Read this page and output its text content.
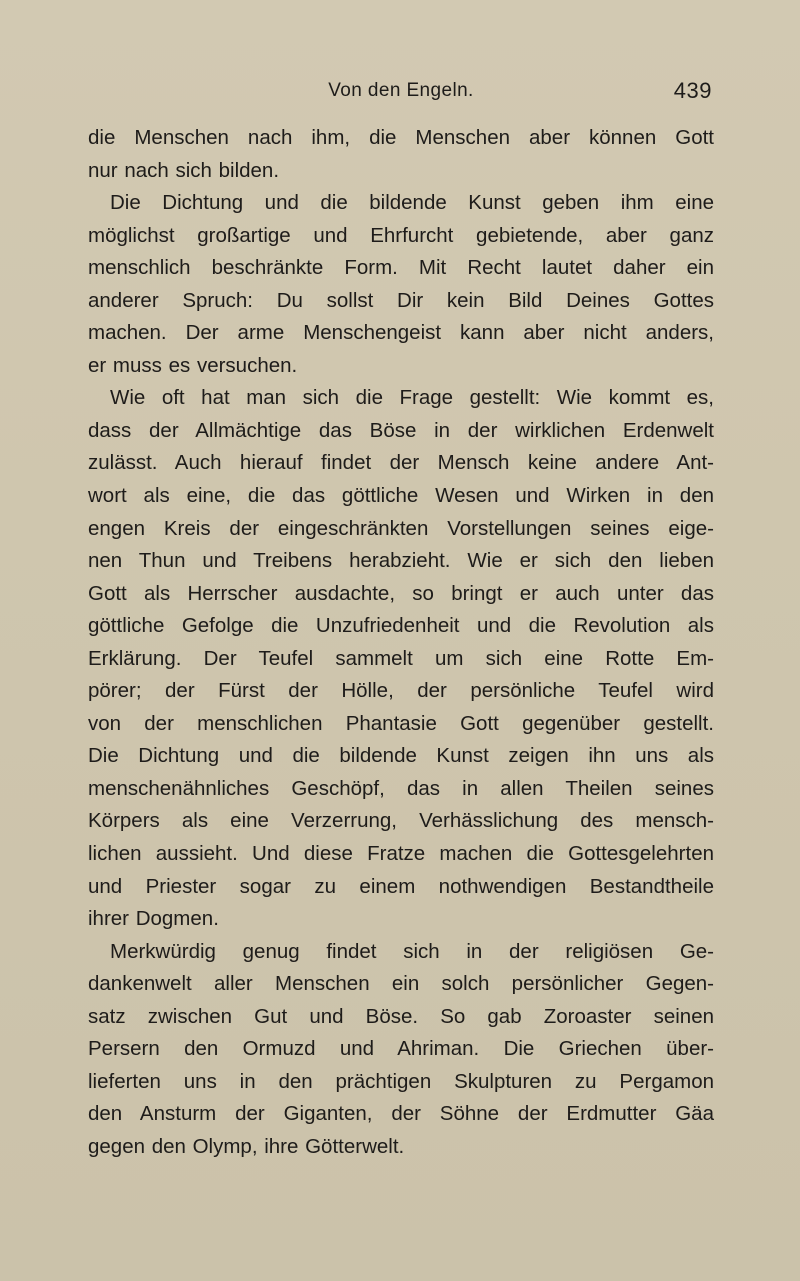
Von den Engeln.	439
die Menschen nach ihm, die Menschen aber können Gott
nur nach sich bilden.
Die Dichtung und die bildende Kunst geben ihm eine
möglichst großartige und Ehrfurcht gebietende, aber ganz
menschlich beschränkte Form. Mit Recht lautet daher ein
anderer Spruch: Du sollst Dir kein Bild Deines Gottes
machen. Der arme Menschengeist kann aber nicht anders,
er muss es versuchen.
Wie oft hat man sich die Frage gestellt: Wie kommt es,
dass der Allmächtige das Böse in der wirklichen Erdenwelt
zulässt. Auch hierauf findet der Mensch keine andere Ant-
wort als eine, die das göttliche Wesen und Wirken in den
engen Kreis der eingeschränkten Vorstellungen seines eige-
nen Thun und Treibens herabzieht. Wie er sich den lieben
Gott als Herrscher ausdachte, so bringt er auch unter das
göttliche Gefolge die Unzufriedenheit und die Revolution als
Erklärung. Der Teufel sammelt um sich eine Rotte Em-
pörer; der Fürst der Hölle, der persönliche Teufel wird
von der menschlichen Phantasie Gott gegenüber gestellt.
Die Dichtung und die bildende Kunst zeigen ihn uns als
menschenähnliches Geschöpf, das in allen Theilen seines
Körpers als eine Verzerrung, Verhässlichung des mensch-
lichen aussieht. Und diese Fratze machen die Gottesgelehrten
und Priester sogar zu einem nothwendigen Bestandtheile
ihrer Dogmen.
Merkwürdig genug findet sich in der religiösen Ge-
dankenwelt aller Menschen ein solch persönlicher Gegen-
satz zwischen Gut und Böse. So gab Zoroaster seinen
Persern den Ormuzd und Ahriman. Die Griechen über-
lieferten uns in den prächtigen Skulpturen zu Pergamon
den Ansturm der Giganten, der Söhne der Erdmutter Gäa
gegen den Olymp, ihre Götterwelt.
